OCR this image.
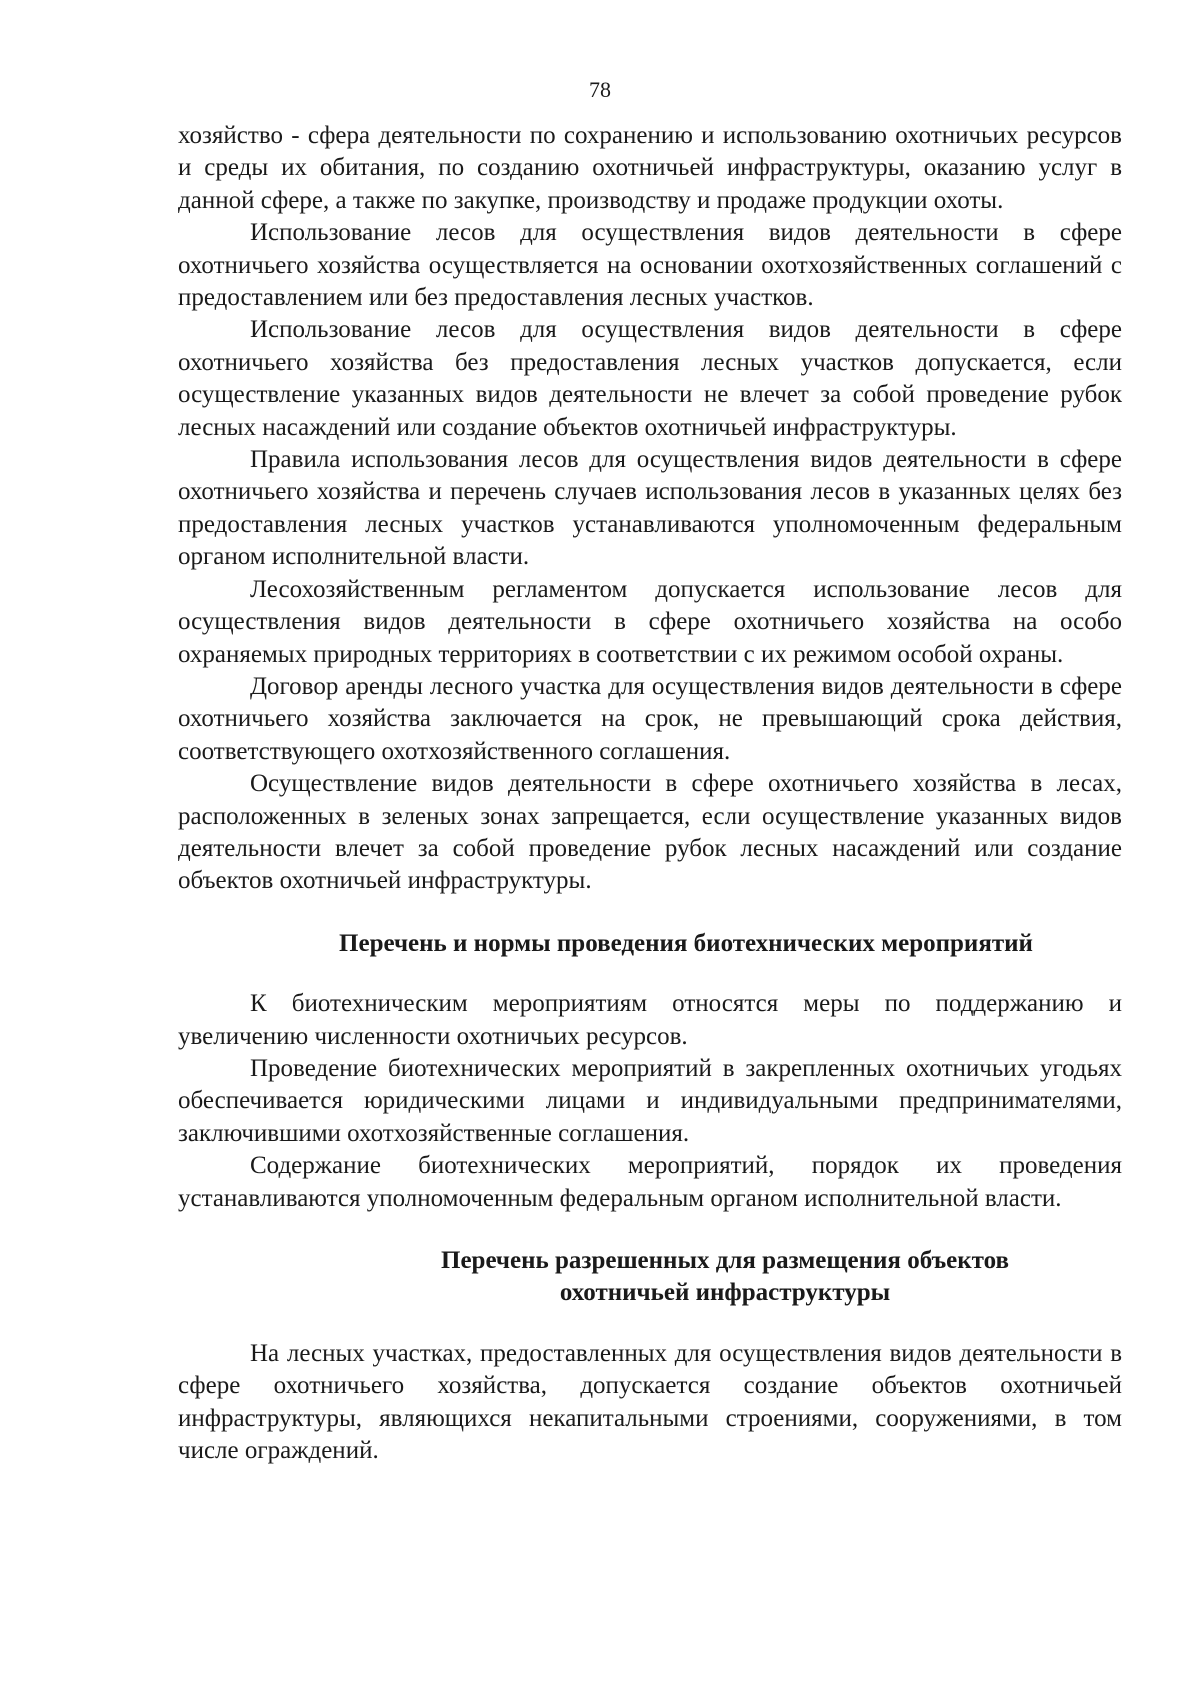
78

хозяйство - сфера деятельности по сохранению и использованию охотничьих ресурсов и среды их обитания, по созданию охотничьей инфраструктуры, оказанию услуг в данной сфере, а также по закупке, производству и продаже продукции охоты.

Использование лесов для осуществления видов деятельности в сфере охотничьего хозяйства осуществляется на основании охотхозяйственных соглашений с предоставлением или без предоставления лесных участков.

Использование лесов для осуществления видов деятельности в сфере охотничьего хозяйства без предоставления лесных участков допускается, если осуществление указанных видов деятельности не влечет за собой проведение рубок лесных насаждений или создание объектов охотничьей инфраструктуры.

Правила использования лесов для осуществления видов деятельности в сфере охотничьего хозяйства и перечень случаев использования лесов в указанных целях без предоставления лесных участков устанавливаются уполномоченным федеральным органом исполнительной власти.

Лесохозяйственным регламентом допускается использование лесов для осуществления видов деятельности в сфере охотничьего хозяйства на особо охраняемых природных территориях в соответствии с их режимом особой охраны.

Договор аренды лесного участка для осуществления видов деятельности в сфере охотничьего хозяйства заключается на срок, не превышающий срока действия, соответствующего охотхозяйственного соглашения.

Осуществление видов деятельности в сфере охотничьего хозяйства в лесах, расположенных в зеленых зонах запрещается, если осуществление указанных видов деятельности влечет за собой проведение рубок лесных насаждений или создание объектов охотничьей инфраструктуры.

Перечень и нормы проведения биотехнических мероприятий

К биотехническим мероприятиям относятся меры по поддержанию и увеличению численности охотничьих ресурсов.

Проведение биотехнических мероприятий в закрепленных охотничьих угодьях обеспечивается юридическими лицами и индивидуальными предпринимателями, заключившими охотхозяйственные соглашения.

Содержание биотехнических мероприятий, порядок их проведения устанавливаются уполномоченным федеральным органом исполнительной власти.

Перечень разрешенных для размещения объектов
охотничьей инфраструктуры

На лесных участках, предоставленных для осуществления видов деятельности в сфере охотничьего хозяйства, допускается создание объектов охотничьей инфраструктуры, являющихся некапитальными строениями, сооружениями, в том числе ограждений.
